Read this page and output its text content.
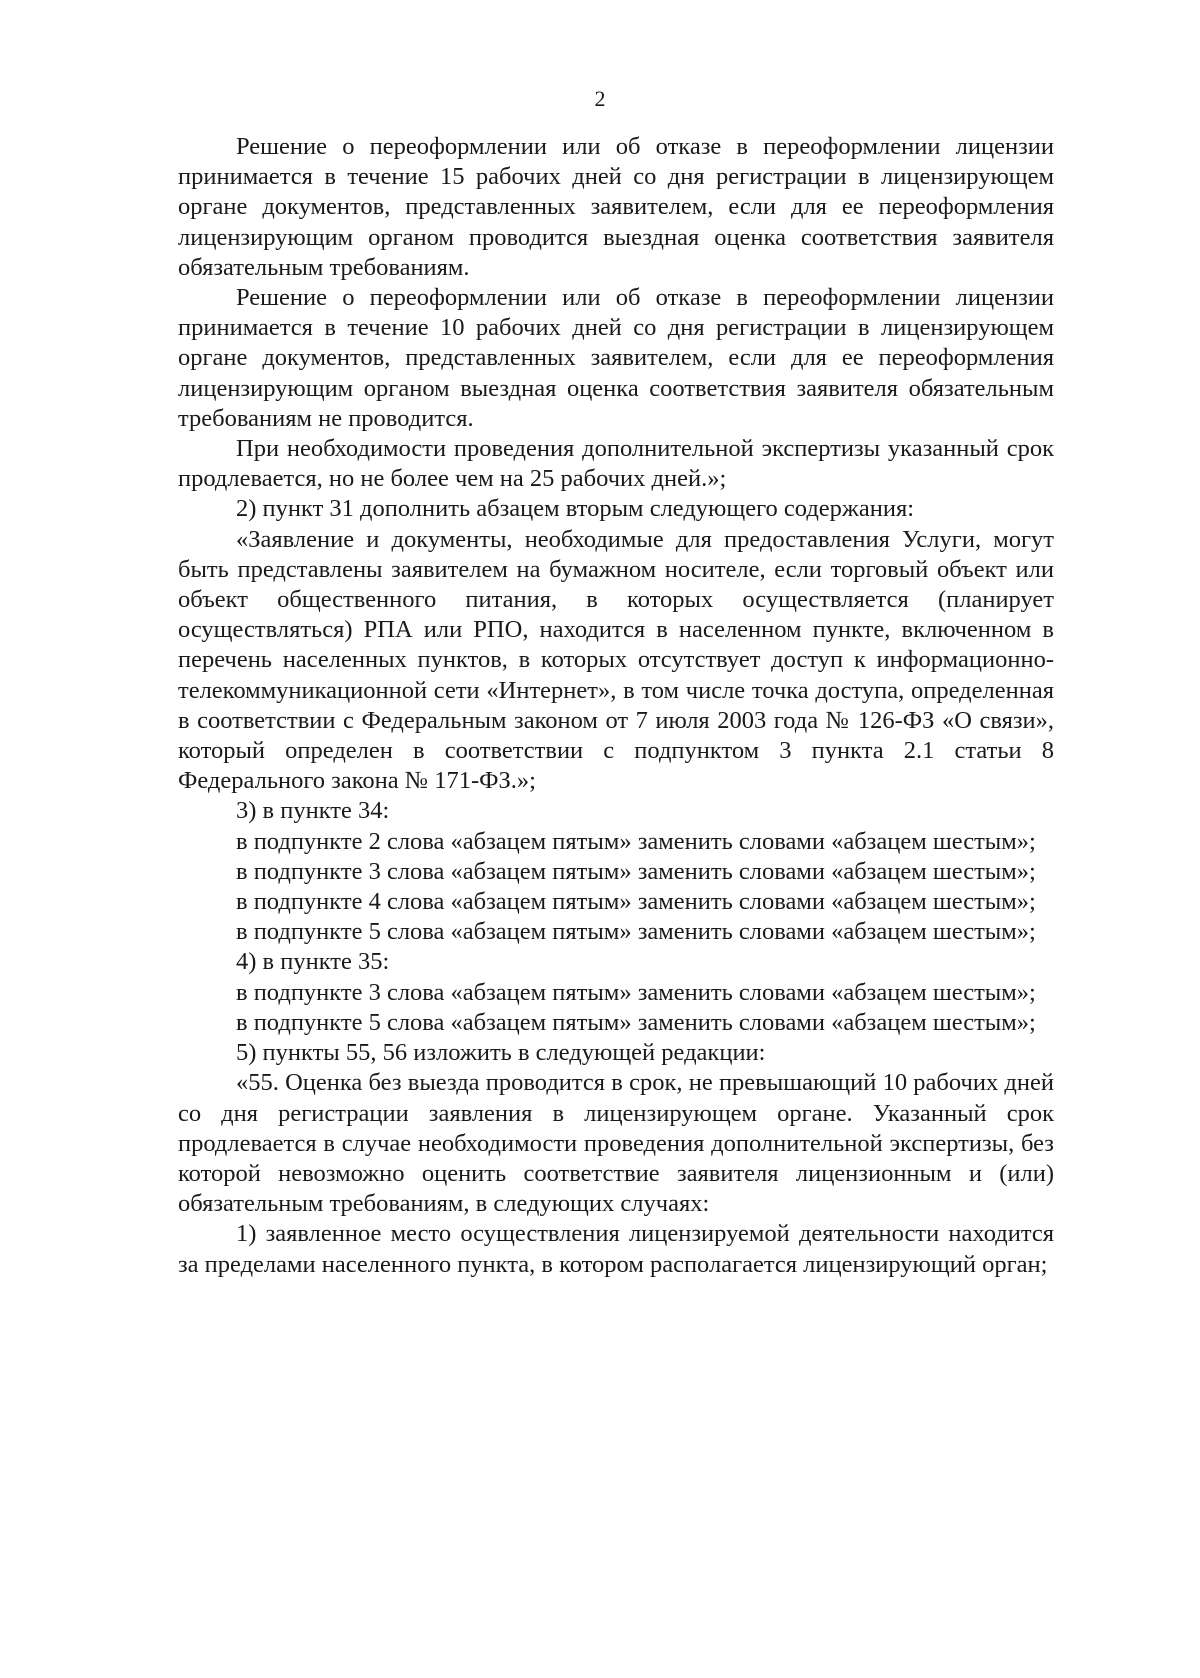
2

Решение о переоформлении или об отказе в переоформлении лицензии принимается в течение 15 рабочих дней со дня регистрации в лицензирующем органе документов, представленных заявителем, если для ее переоформления лицензирующим органом проводится выездная оценка соответствия заявителя обязательным требованиям.

Решение о переоформлении или об отказе в переоформлении лицензии принимается в течение 10 рабочих дней со дня регистрации в лицензирующем органе документов, представленных заявителем, если для ее переоформления лицензирующим органом выездная оценка соответствия заявителя обязательным требованиям не проводится.

При необходимости проведения дополнительной экспертизы указанный срок продлевается, но не более чем на 25 рабочих дней.»;

2) пункт 31 дополнить абзацем вторым следующего содержания:

«Заявление и документы, необходимые для предоставления Услуги, могут быть представлены заявителем на бумажном носителе, если торговый объект или объект общественного питания, в которых осуществляется (планирует осуществляться) РПА или РПО, находится в населенном пункте, включенном в перечень населенных пунктов, в которых отсутствует доступ к информационно-телекоммуникационной сети «Интернет», в том числе точка доступа, определенная в соответствии с Федеральным законом от 7 июля 2003 года № 126-ФЗ «О связи», который определен в соответствии с подпунктом 3 пункта 2.1 статьи 8 Федерального закона № 171-ФЗ.»;

3) в пункте 34:

в подпункте 2 слова «абзацем пятым» заменить словами «абзацем шестым»;

в подпункте 3 слова «абзацем пятым» заменить словами «абзацем шестым»;

в подпункте 4 слова «абзацем пятым» заменить словами «абзацем шестым»;

в подпункте 5 слова «абзацем пятым» заменить словами «абзацем шестым»;

4) в пункте 35:

в подпункте 3 слова «абзацем пятым» заменить словами «абзацем шестым»;

в подпункте 5 слова «абзацем пятым» заменить словами «абзацем шестым»;

5) пункты 55, 56 изложить в следующей редакции:

«55. Оценка без выезда проводится в срок, не превышающий 10 рабочих дней со дня регистрации заявления в лицензирующем органе. Указанный срок продлевается в случае необходимости проведения дополнительной экспертизы, без которой невозможно оценить соответствие заявителя лицензионным и (или) обязательным требованиям, в следующих случаях:

1) заявленное место осуществления лицензируемой деятельности находится за пределами населенного пункта, в котором располагается лицензирующий орган;
